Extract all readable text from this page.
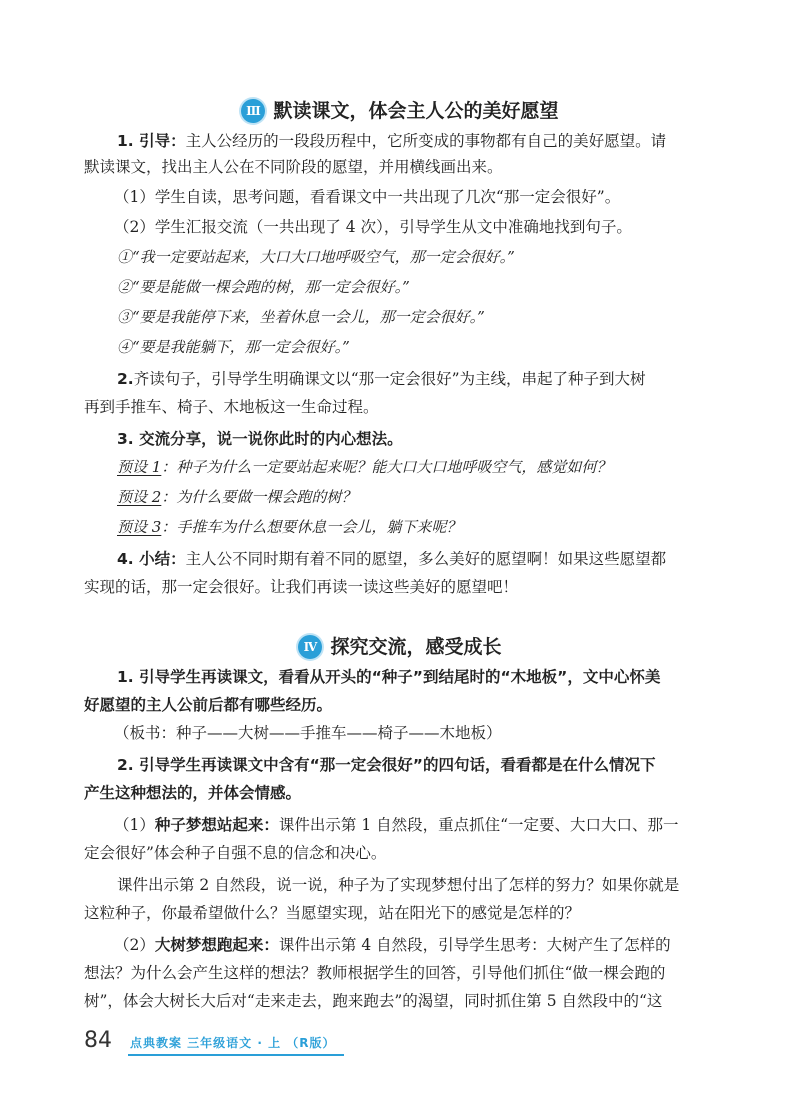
Ⅲ 默读课文，体会主人公的美好愿望
1. 引导：主人公经历的一段段历程中，它所变成的事物都有自己的美好愿望。请
默读课文，找出主人公在不同阶段的愿望，并用横线画出来。
（1）学生自读，思考问题，看看课文中一共出现了几次“那一定会很好”。
（2）学生汇报交流（一共出现了 4 次），引导学生从文中准确地找到句子。
①“我一定要站起来，大口大口地呼吸空气，那一定会很好。”
②“要是能做一棵会跑的树，那一定会很好。”
③“要是我能停下来，坐着休息一会儿，那一定会很好。”
④“要是我能躺下，那一定会很好。”
2.齐读句子，引导学生明确课文以“那一定会很好”为主线，串起了种子到大树
再到手推车、椅子、木地板这一生命过程。
3. 交流分享，说一说你此时的内心想法。
预设 1：种子为什么一定要站起来呢？能大口大口地呼吸空气，感觉如何？
预设 2：为什么要做一棵会跑的树？
预设 3：手推车为什么想要休息一会儿，躺下来呢？
4. 小结：主人公不同时期有着不同的愿望，多么美好的愿望啊！如果这些愿望都
实现的话，那一定会很好。让我们再读一读这些美好的愿望吧！
Ⅳ 探究交流，感受成长
1. 引导学生再读课文，看看从开头的“种子”到结尾时的“木地板”，文中心怀美
好愿望的主人公前后都有哪些经历。
（板书：种子——大树——手推车——椅子——木地板）
2. 引导学生再读课文中含有“那一定会很好”的四句话，看看都是在什么情况下
产生这种想法的，并体会情感。
（1）种子梦想站起来：课件出示第 1 自然段，重点抓住“一定要、大口大口、那一
定会很好”体会种子自强不息的信念和决心。
课件出示第 2 自然段，说一说，种子为了实现梦想付出了怎样的努力？如果你就是
这粒种子，你最希望做什么？当愿望实现，站在阳光下的感觉是怎样的？
（2）大树梦想跑起来：课件出示第 4 自然段，引导学生思考：大树产生了怎样的
想法？为什么会产生这样的想法？教师根据学生的回答，引导他们抓住“做一棵会跑的
树”，体会大树长大后对“走来走去，跑来跑去”的渴望，同时抓住第 5 自然段中的“这
84 点典教案 三年级语文 · 上 （R版）
